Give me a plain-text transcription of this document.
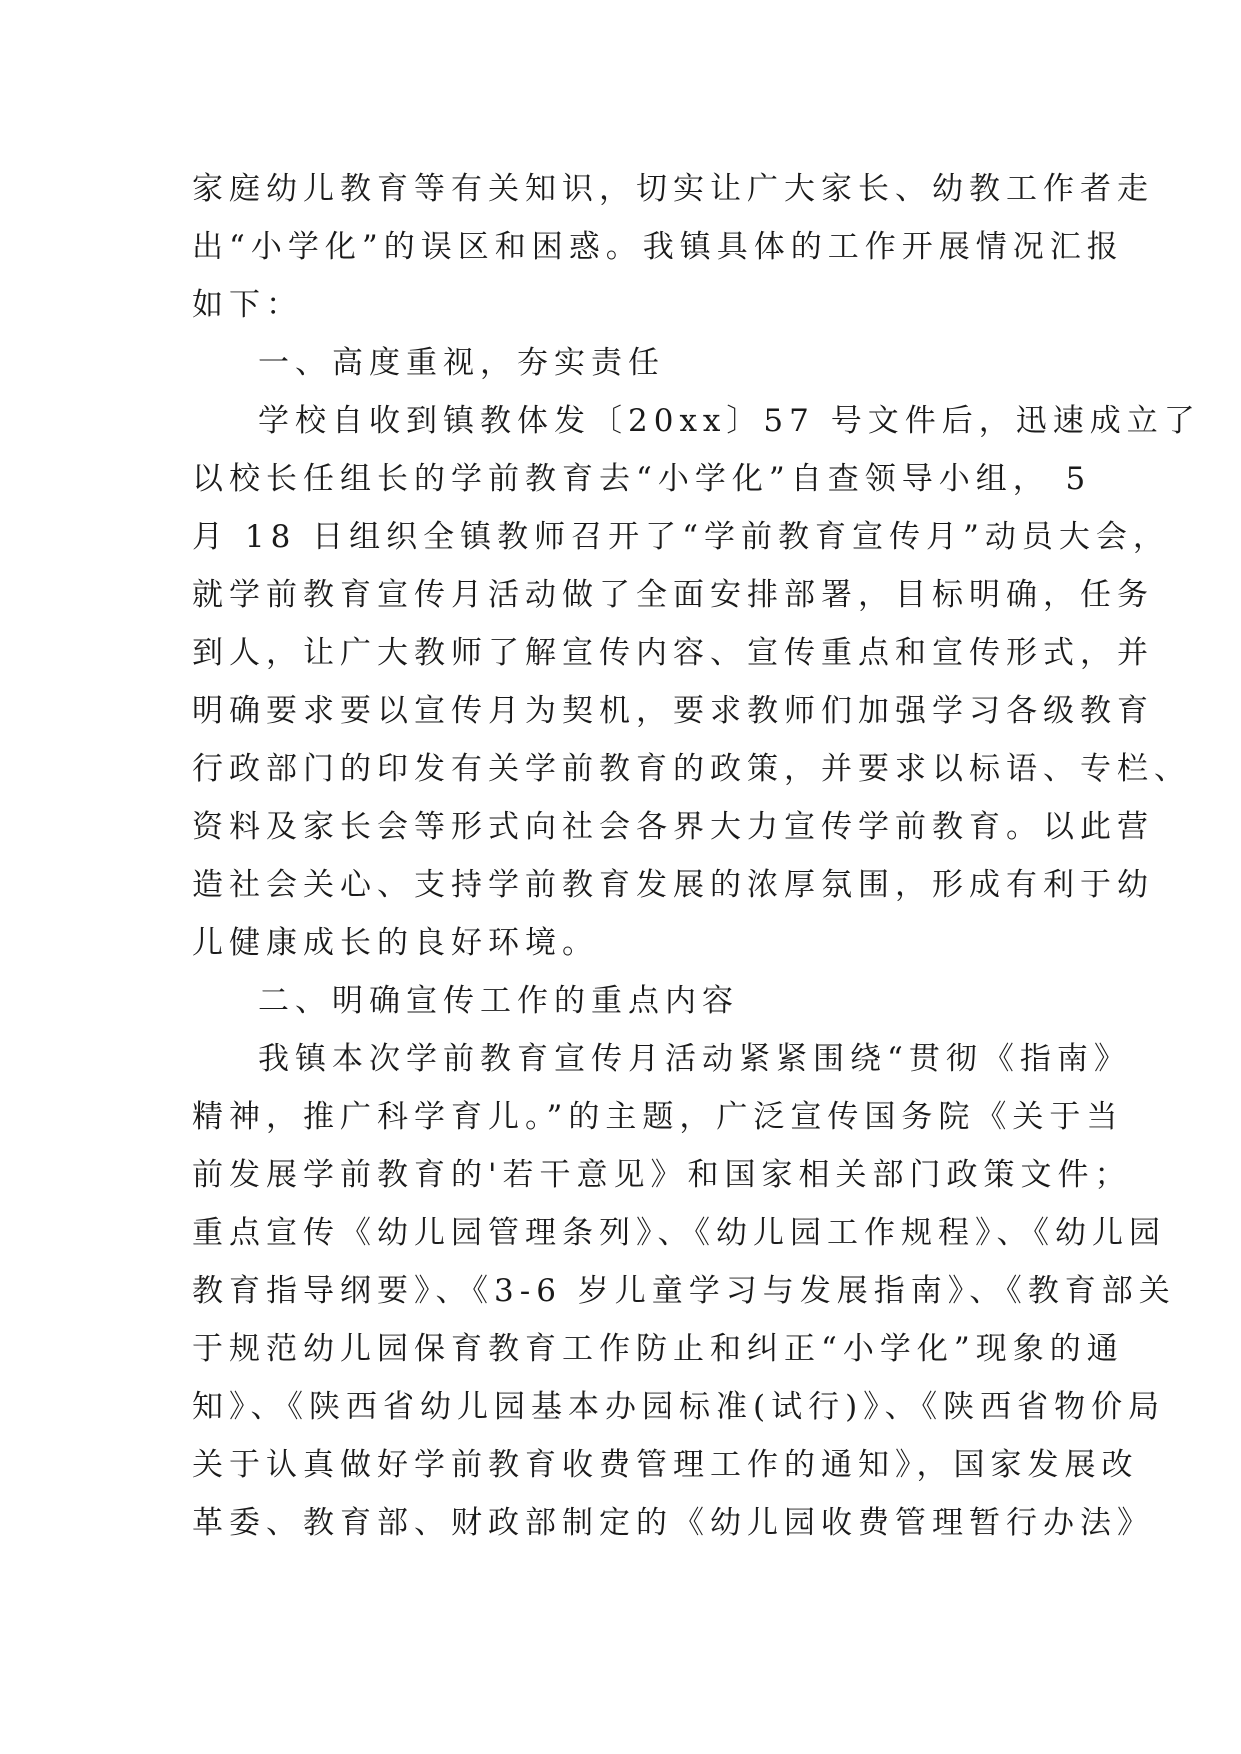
家庭幼儿教育等有关知识，切实让广大家长、幼教工作者走
出“小学化”的误区和困惑。我镇具体的工作开展情况汇报
如下：
一、高度重视，夯实责任
学校自收到镇教体发〔20xx〕57 号文件后，迅速成立了
以校长任组长的学前教育去“小学化”自查领导小组， 5
月 18 日组织全镇教师召开了“学前教育宣传月”动员大会，
就学前教育宣传月活动做了全面安排部署，目标明确，任务
到人，让广大教师了解宣传内容、宣传重点和宣传形式，并
明确要求要以宣传月为契机，要求教师们加强学习各级教育
行政部门的印发有关学前教育的政策，并要求以标语、专栏、
资料及家长会等形式向社会各界大力宣传学前教育。以此营
造社会关心、支持学前教育发展的浓厚氛围，形成有利于幼
儿健康成长的良好环境。
二、明确宣传工作的重点内容
我镇本次学前教育宣传月活动紧紧围绕“贯彻《指南》
精神，推广科学育儿。”的主题，广泛宣传国务院《关于当
前发展学前教育的'若干意见》和国家相关部门政策文件；
重点宣传《幼儿园管理条列》、《幼儿园工作规程》、《幼儿园
教育指导纲要》、《3-6 岁儿童学习与发展指南》、《教育部关
于规范幼儿园保育教育工作防止和纠正“小学化”现象的通
知》、《陕西省幼儿园基本办园标准(试行)》、《陕西省物价局
关于认真做好学前教育收费管理工作的通知》，国家发展改
革委、教育部、财政部制定的《幼儿园收费管理暂行办法》
